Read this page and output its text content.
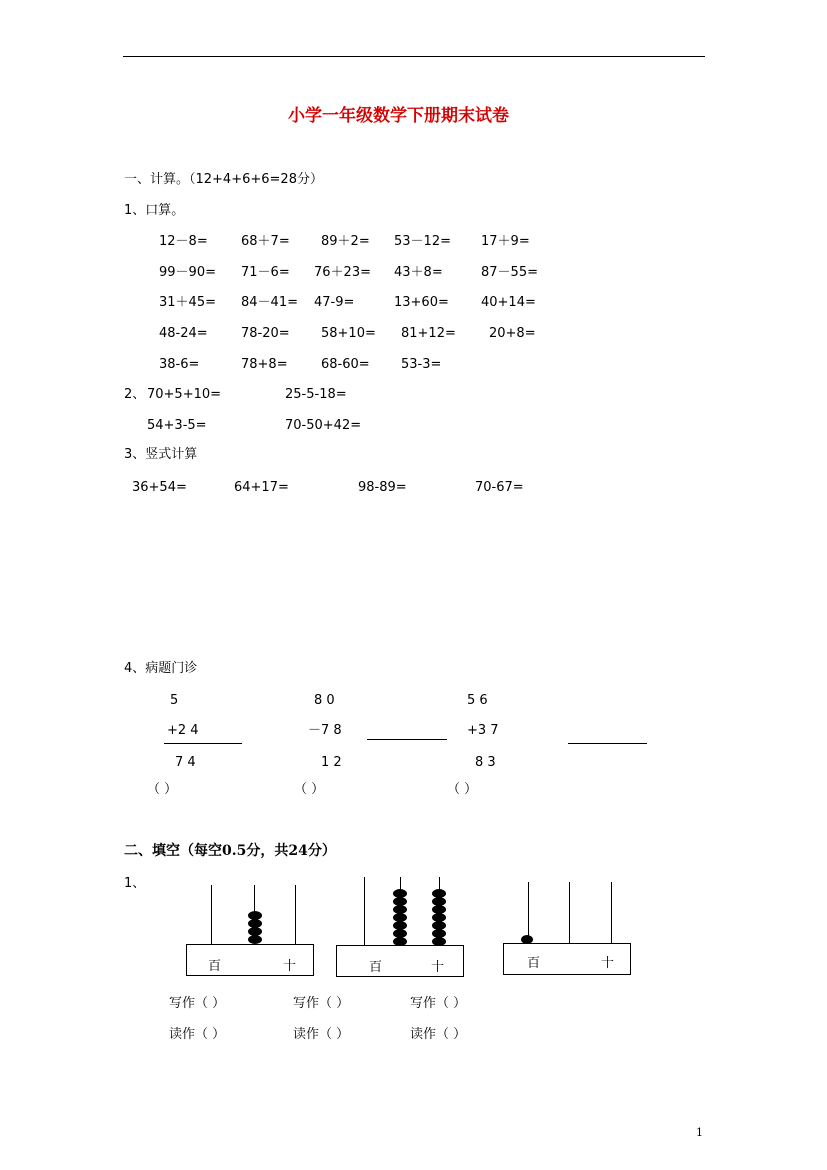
小学一年级数学下册期末试卷
一、计算。（12+4+6+6=28分）
1、口算。
12－8=	68＋7= 89＋2= 53－12= 17＋9=
99－90= 71－6= 76＋23= 43＋8=	87－55=
31＋45= 84－41= 47-9=	13+60= 40+14=
48-24=	78-20= 58+10= 81+12=	20+8=
38-6=	78+8=	68-60= 53-3=
2、 70+5+10=	25-5-18=
54+3-5=	70-50+42=
3、竖式计算
36+54=	64+17=	98-89=	70-67=
4、病题门诊
5
+2 4
7 4
（ ）
8 0
－7 8
1 2
（ ）
5 6
+3 7
8 3
（ ）
二、填空（每空0.5分，共24分）
1、
百	十	百	十	百	十
写作（ ）	写作（ ）	写作（ ）
读作（ ）	读作（ ）	读作（ ）
1
